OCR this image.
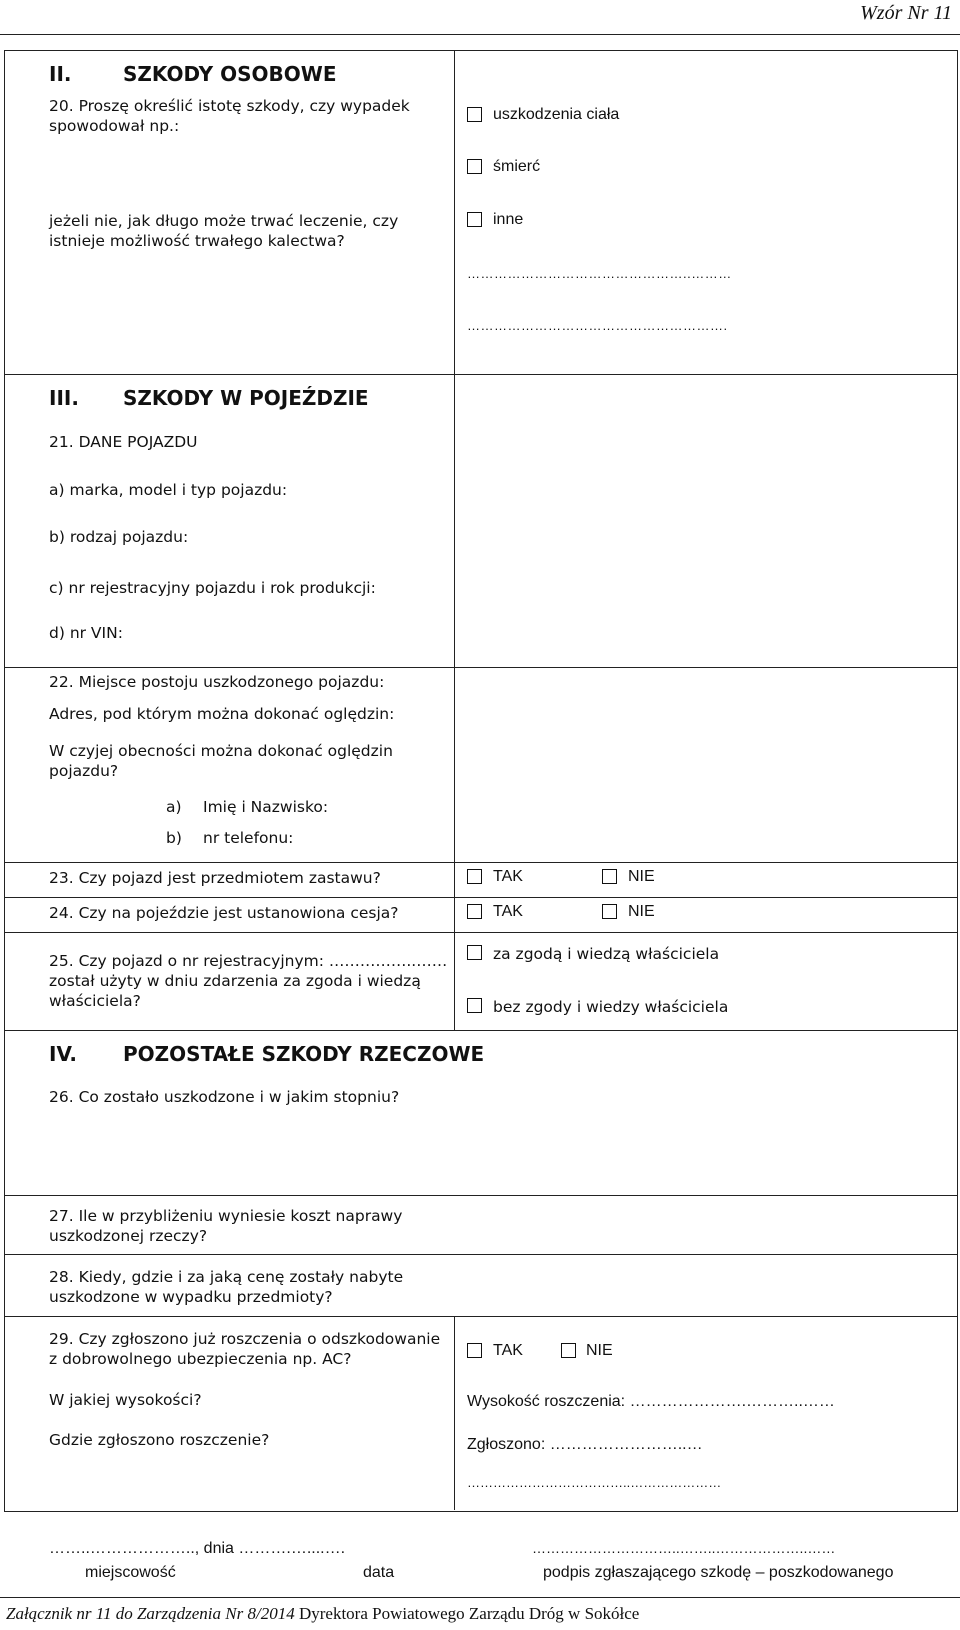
Wzór Nr 11
II.	SZKODY OSOBOWE
20. Proszę określić istotę szkody, czy wypadek
spowodował np.:
uszkodzenia ciała
śmierć
inne
jeżeli nie, jak długo może trwać leczenie, czy
istnieje możliwość trwałego kalectwa?
…………………………………………..………
………………………………………………….
III. SZKODY W POJEŹDZIE
21. DANE POJAZDU
a) marka, model i typ pojazdu:
b) rodzaj pojazdu:
c) nr rejestracyjny pojazdu i rok produkcji:
d) nr VIN:
22. Miejsce postoju uszkodzonego pojazdu:
Adres, pod którym można dokonać oględzin:
W czyjej obecności można dokonać oględzin
pojazdu?
a) Imię i Nazwisko:
b) nr telefonu:
23. Czy pojazd jest przedmiotem zastawu?	TAK	NIE
24. Czy na pojeździe jest ustanowiona cesja?	TAK	NIE
25. Czy pojazd o nr rejestracyjnym: ……………..……
został użyty w dniu zdarzenia za zgoda i wiedzą
właściciela?
za zgodą i wiedzą właściciela
bez zgody i wiedzy właściciela
IV. POZOSTAŁE SZKODY RZECZOWE
26. Co zostało uszkodzone i w jakim stopniu?
27. Ile w przybliżeniu wyniesie koszt naprawy
uszkodzonej rzeczy?
28. Kiedy, gdzie i za jaką cenę zostały nabyte
uszkodzone w wypadku przedmioty?
29. Czy zgłoszono już roszczenia o odszkodowanie
z dobrowolnego ubezpieczenia np. AC?	TAK	NIE
W jakiej wysokości?
Gdzie zgłoszono roszczenie?
Wysokość roszczenia: ………………….………..……
Zgłoszono: ……………………..…
………………………………..…………………
……..……………….., dnia ……….…....….	…………………………..……..………………..……
miejscowość	data	podpis zgłaszającego szkodę – poszkodowanego
Załącznik nr 11 do Zarządzenia Nr 8/2014 Dyrektora Powiatowego Zarządu Dróg w Sokółce
